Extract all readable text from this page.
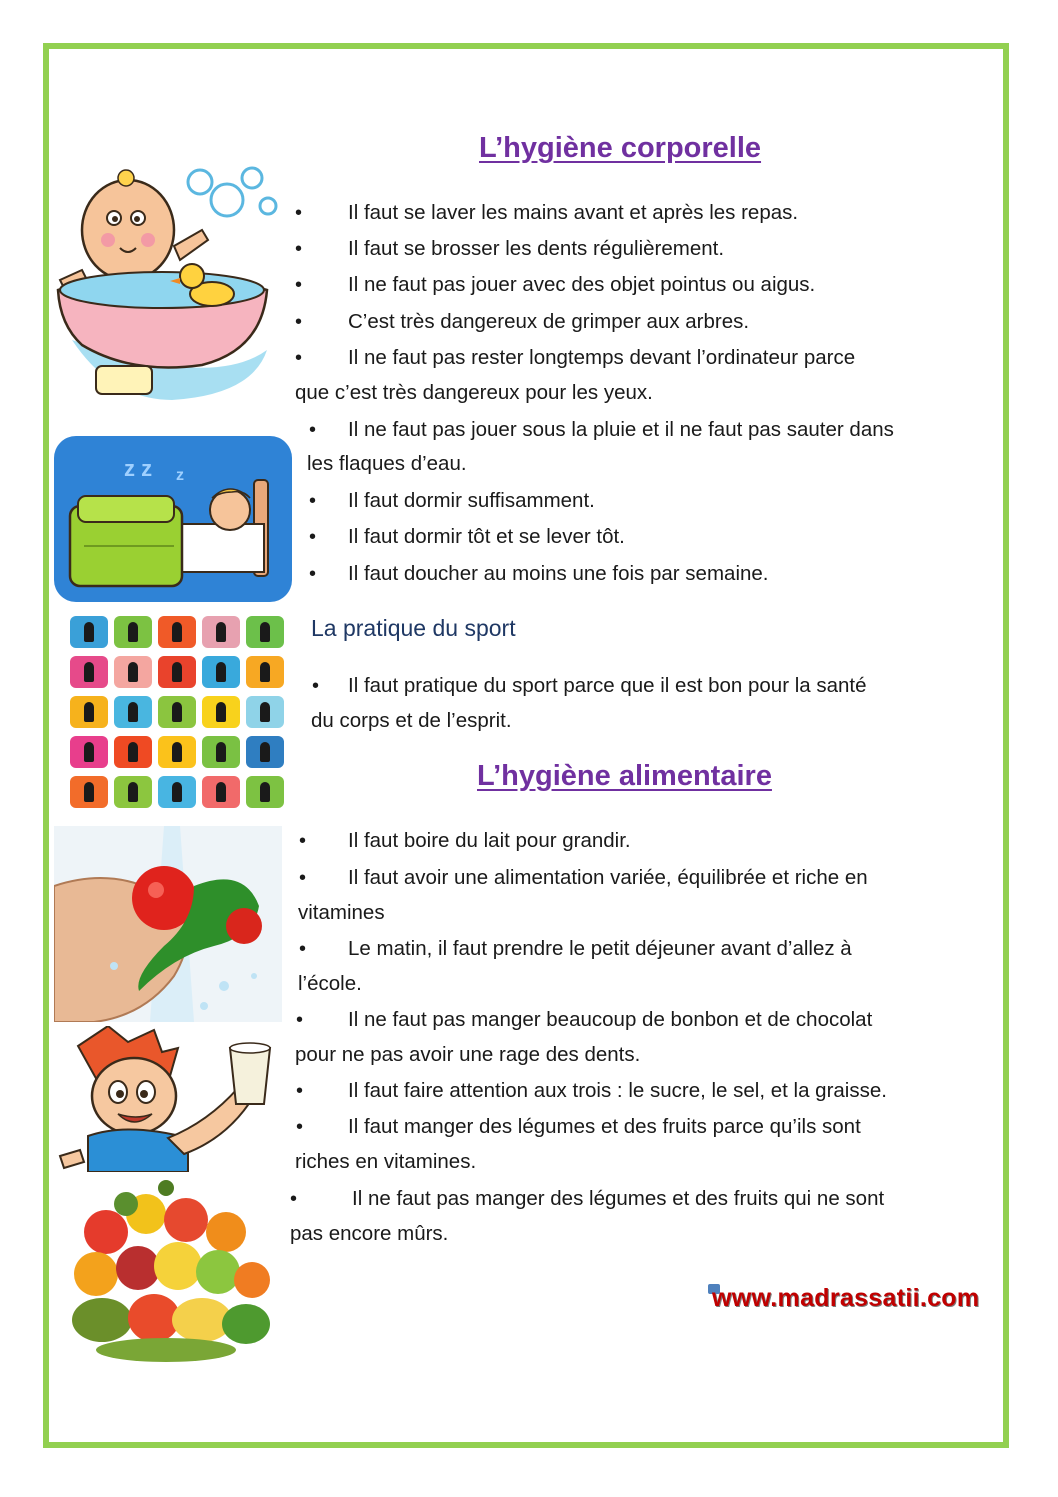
L’hygiène corporelle
• Il faut se laver les mains avant et après les repas.
• Il faut se brosser les dents régulièrement.
• Il ne faut pas jouer avec des objet pointus ou aigus.
• C’est très dangereux de grimper aux arbres.
• Il ne faut pas rester longtemps devant l’ordinateur parce
que c’est très dangereux pour les yeux.
z z z
• Il ne faut pas jouer sous la pluie et il ne faut pas sauter dans
les flaques d’eau.
• Il faut dormir suffisamment.
• Il faut dormir tôt et se lever tôt.
• Il faut doucher au moins une fois par semaine.
La pratique du sport
• Il faut pratique du sport parce que il est bon pour la santé
du corps et de l’esprit.
L’hygiène alimentaire
• Il faut boire du lait pour grandir.
• Il faut avoir une alimentation variée, équilibrée et riche en
vitamines
• Le matin, il faut prendre le petit déjeuner avant d’allez à
l’école.
• Il ne faut pas manger beaucoup de bonbon et de chocolat
pour ne pas avoir une rage des dents.
• Il faut faire attention aux trois : le sucre, le sel, et la graisse.
• Il faut manger des légumes et des fruits parce qu’ils sont
riches en vitamines.
•	Il ne faut pas manger des légumes et des fruits qui ne sont
pas encore mûrs.
www.madrassatii.com
